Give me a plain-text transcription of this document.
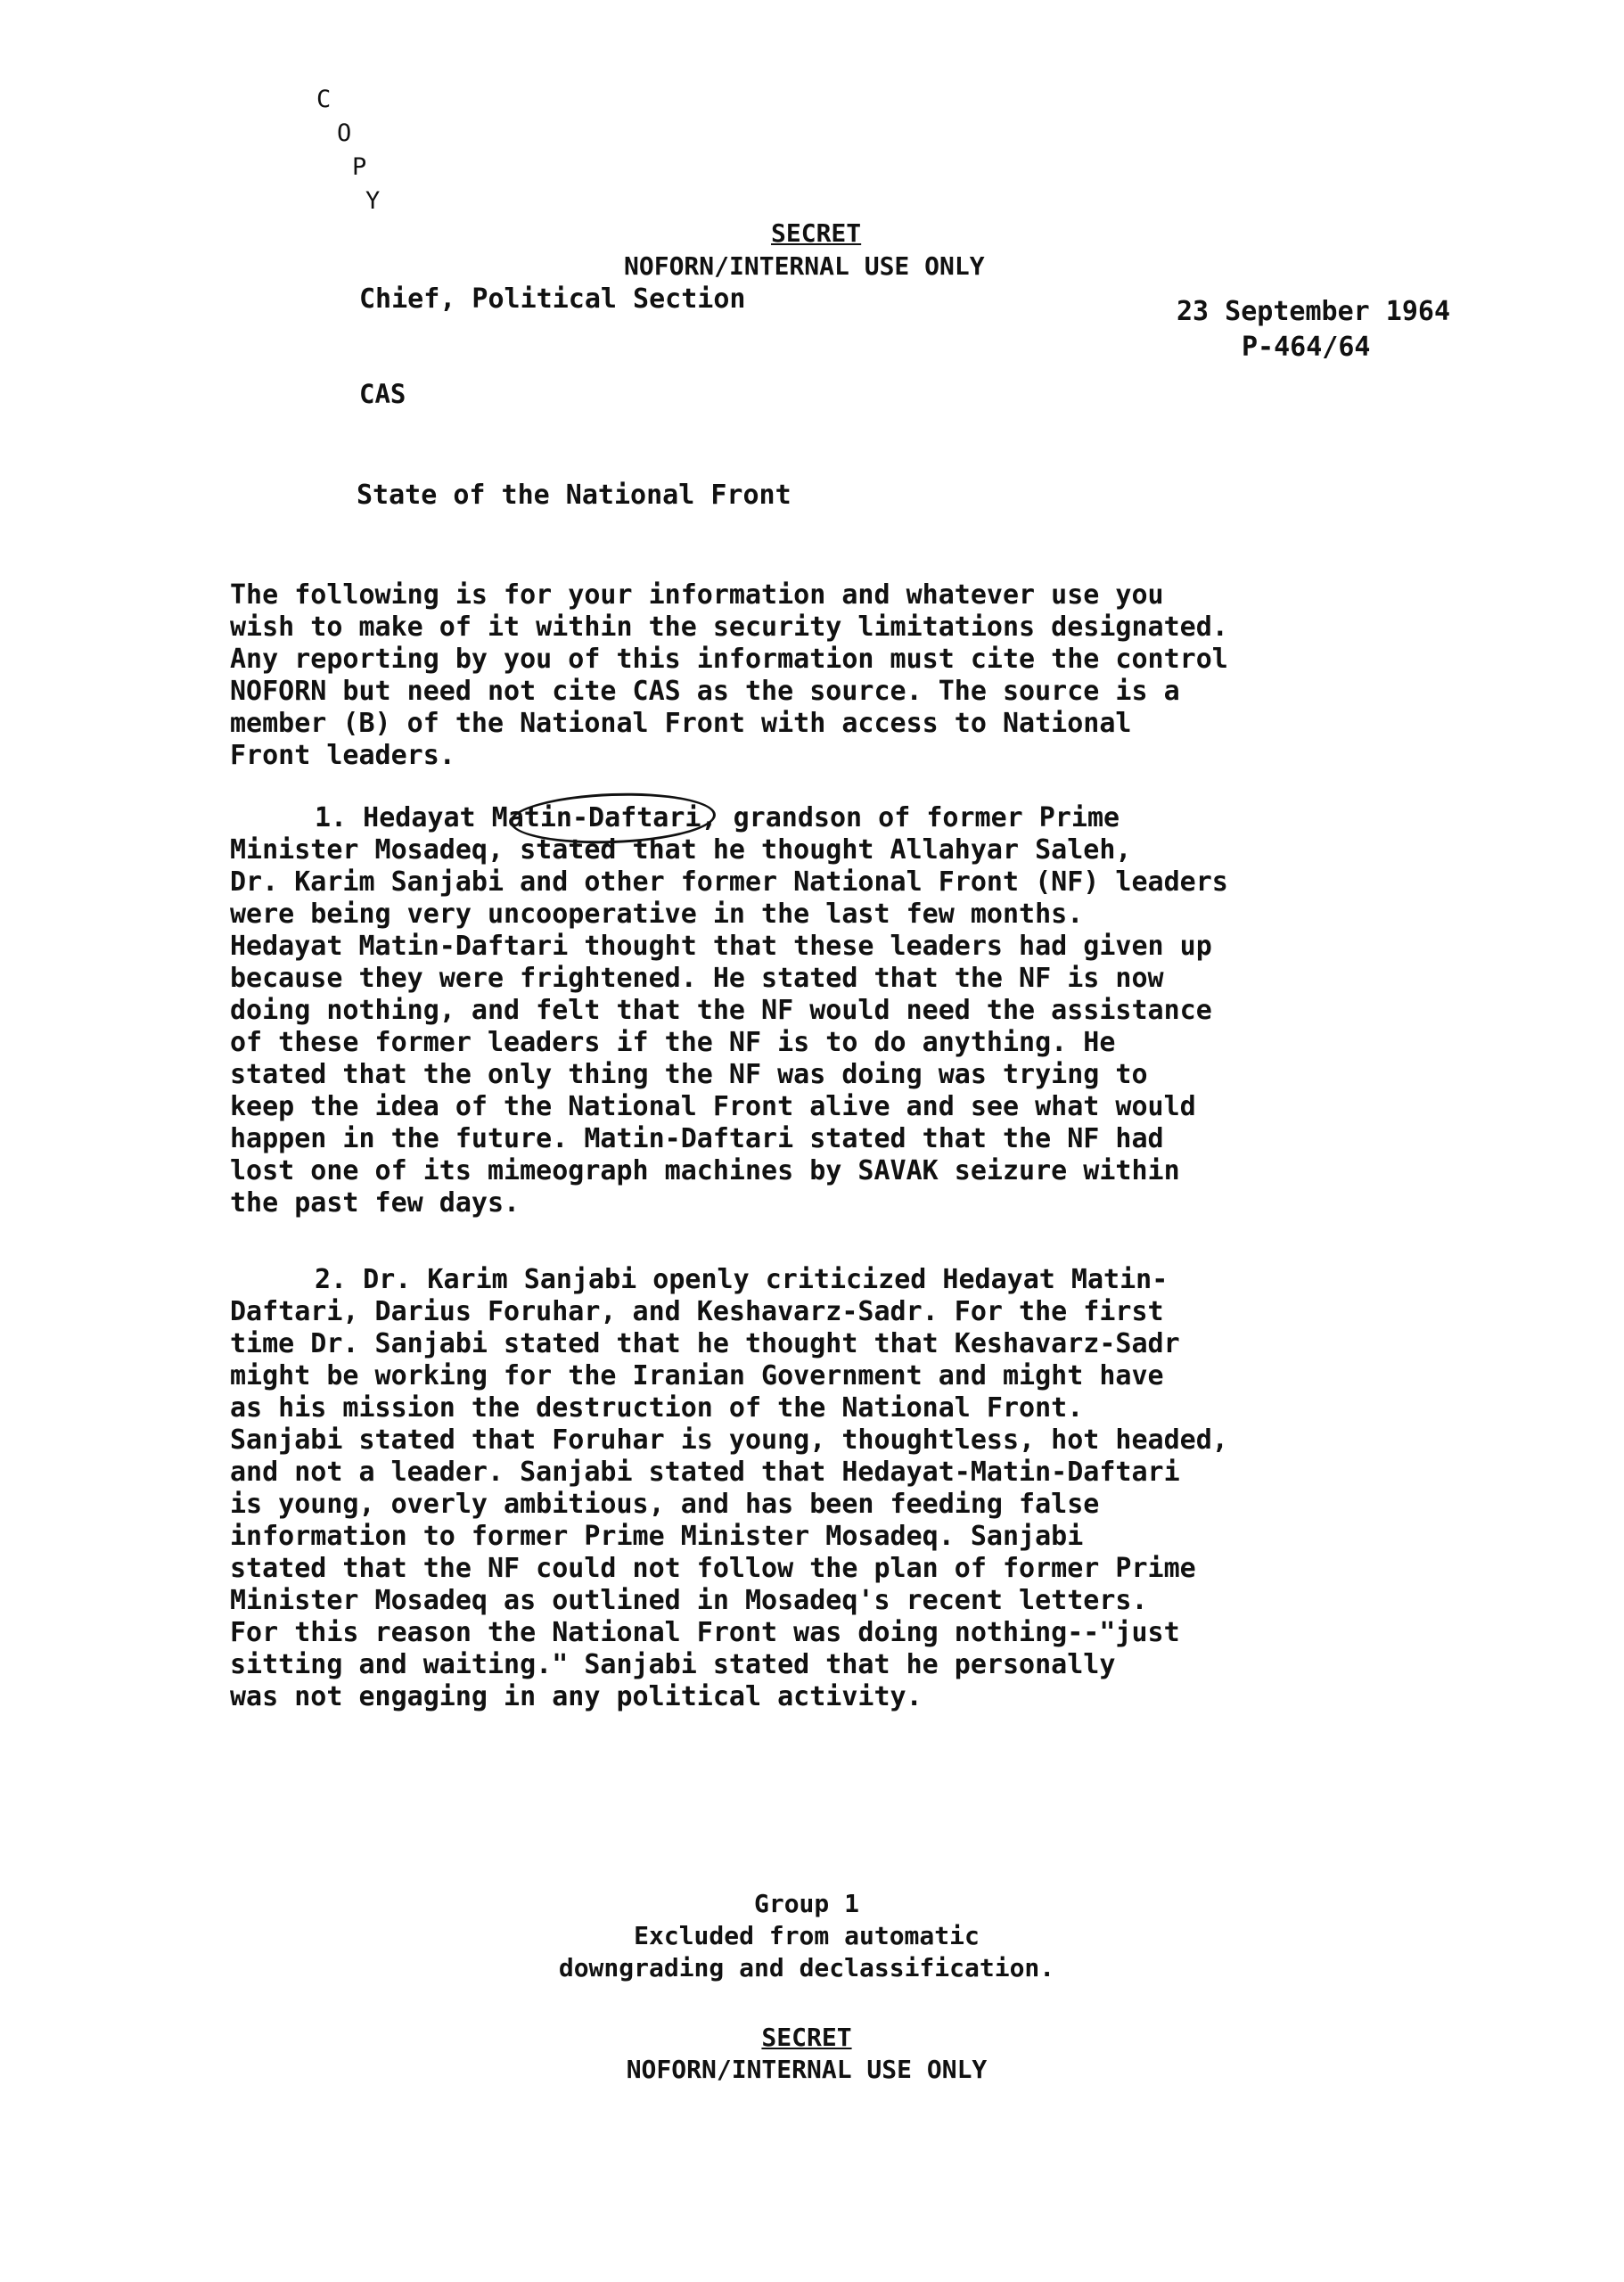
C
O
P
Y
SECRET
NOFORN/INTERNAL USE ONLY
Chief, Political Section	23 September 1964
P-464/64
CAS
State of the National Front
The following is for your information and whatever use you
wish to make of it within the security limitations designated.
Any reporting by you of this information must cite the control
NOFORN but need not cite CAS as the source. The source is a
member (B) of the National Front with access to National
Front leaders.
1. Hedayat Matin-Daftari, grandson of former Prime
Minister Mosadeq, stated that he thought Allahyar Saleh,
Dr. Karim Sanjabi and other former National Front (NF) leaders
were being very uncooperative in the last few months.
Hedayat Matin-Daftari thought that these leaders had given up
because they were frightened. He stated that the NF is now
doing nothing, and felt that the NF would need the assistance
of these former leaders if the NF is to do anything. He
stated that the only thing the NF was doing was trying to
keep the idea of the National Front alive and see what would
happen in the future. Matin-Daftari stated that the NF had
lost one of its mimeograph machines by SAVAK seizure within
the past few days.
2. Dr. Karim Sanjabi openly criticized Hedayat Matin-
Daftari, Darius Foruhar, and Keshavarz-Sadr. For the first
time Dr. Sanjabi stated that he thought that Keshavarz-Sadr
might be working for the Iranian Government and might have
as his mission the destruction of the National Front.
Sanjabi stated that Foruhar is young, thoughtless, hot headed,
and not a leader. Sanjabi stated that Hedayat-Matin-Daftari
is young, overly ambitious, and has been feeding false
information to former Prime Minister Mosadeq. Sanjabi
stated that the NF could not follow the plan of former Prime
Minister Mosadeq as outlined in Mosadeq's recent letters.
For this reason the National Front was doing nothing--"just
sitting and waiting." Sanjabi stated that he personally
was not engaging in any political activity.
Group 1
Excluded from automatic
downgrading and declassification.
SECRET
NOFORN/INTERNAL USE ONLY
